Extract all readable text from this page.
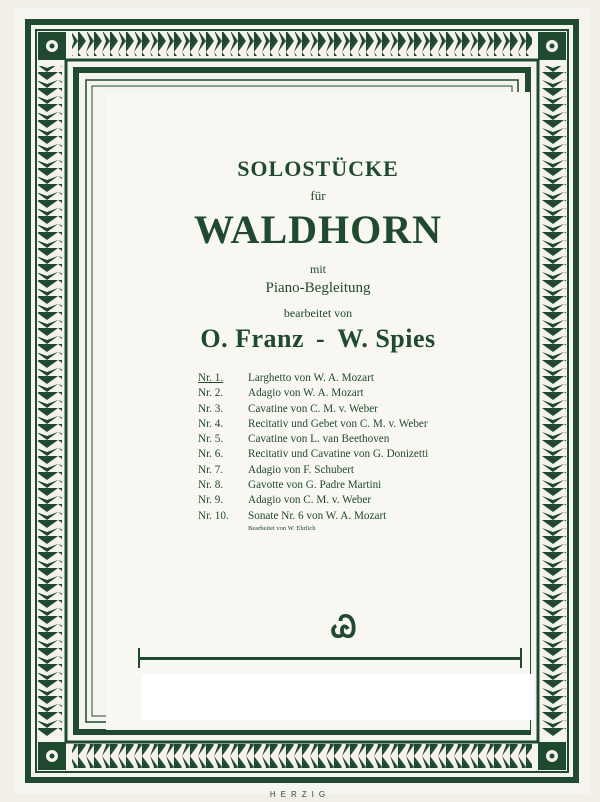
SOLOSTÜCKE
für
WALDHORN
mit
Piano-Begleitung
bearbeitet von
O. Franz - W. Spies
Nr. 1.	Larghetto von W. A. Mozart
Nr. 2.	Adagio von W. A. Mozart
Nr. 3.	Cavatine von C. M. v. Weber
Nr. 4.	Recitativ und Gebet von C. M. v. Weber
Nr. 5.	Cavatine von L. van Beethoven
Nr. 6.	Recitativ und Cavatine von G. Donizetti
Nr. 7.	Adagio von F. Schubert
Nr. 8.	Gavotte von G. Padre Martini
Nr. 9.	Adagio von C. M. v. Weber
Nr. 10.	Sonate Nr. 6 von W. A. Mozart
Bearbeitet von W. Ehrlich
Ꮚ
HERZIG
